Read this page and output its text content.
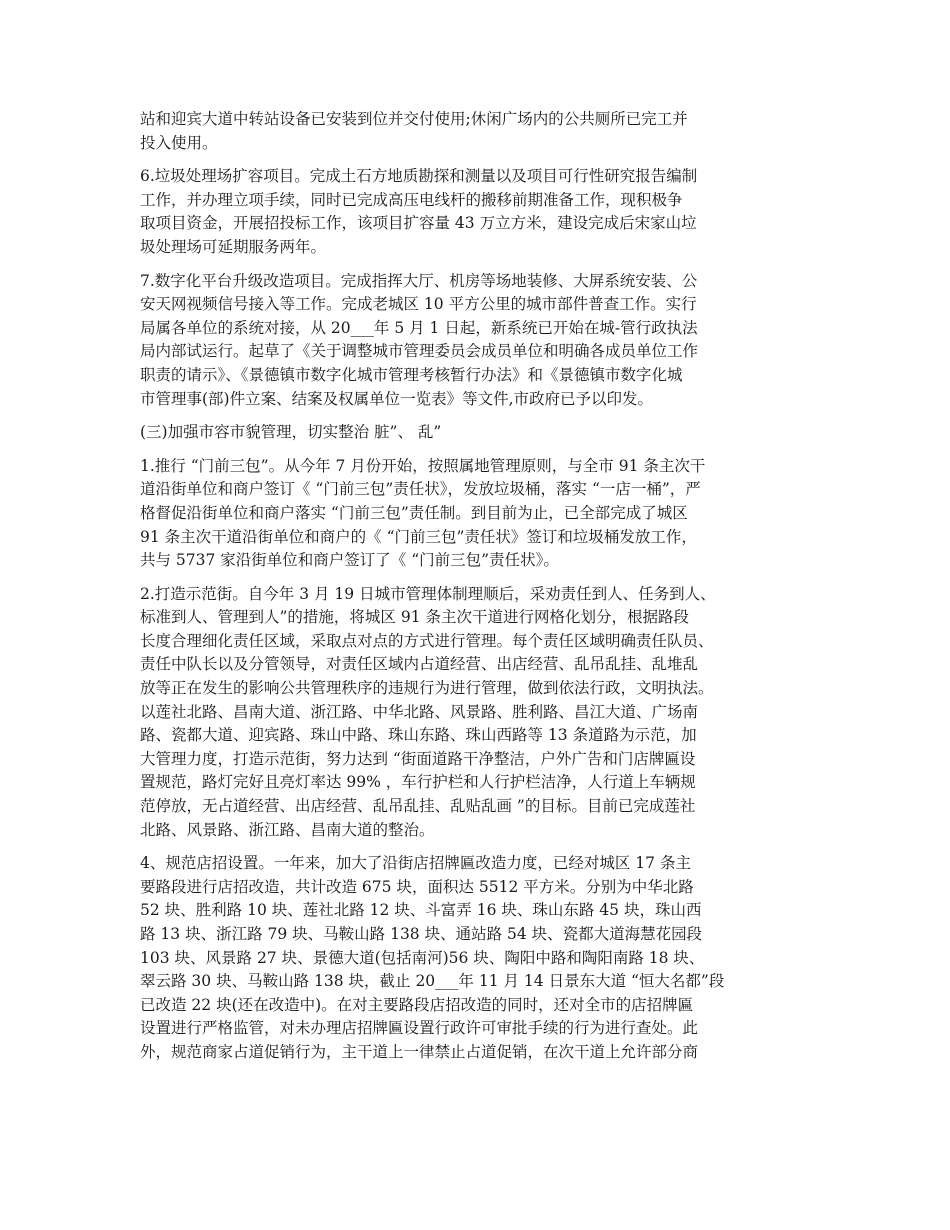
站和迎宾大道中转站设备已安装到位并交付使用;休闲广场内的公共厕所已完工并
投入使用。
6.垃圾处理场扩容项目。完成土石方地质勘探和测量以及项目可行性研究报告编制
工作，并办理立项手续，同时已完成高压电线杆的搬移前期准备工作，现积极争
取项目资金，开展招投标工作，该项目扩容量 43 万立方米，建设完成后宋家山垃
圾处理场可延期服务两年。
7.数字化平台升级改造项目。完成指挥大厅、机房等场地装修、大屏系统安装、公
安天网视频信号接入等工作。完成老城区 10 平方公里的城市部件普查工作。实行
局属各单位的系统对接，从 20___年 5 月 1 日起，新系统已开始在城-管行政执法
局内部试运行。起草了《关于调整城市管理委员会成员单位和明确各成员单位工作
职责的请示》、《景德镇市数字化城市管理考核暂行办法》和《景德镇市数字化城
市管理事(部)件立案、结案及权属单位一览表》等文件,市政府已予以印发。
(三)加强市容市貌管理，切实整治 脏”、 乱”
1.推行 “门前三包”。从今年 7 月份开始，按照属地管理原则，与全市 91 条主次干
道沿街单位和商户签订《 “门前三包”责任状》，发放垃圾桶，落实 “一店一桶”，严
格督促沿街单位和商户落实 “门前三包”责任制。到目前为止，已全部完成了城区
91 条主次干道沿街单位和商户的《 “门前三包”责任状》签订和垃圾桶发放工作，
共与 5737 家沿街单位和商户签订了《 “门前三包”责任状》。
2.打造示范街。自今年 3 月 19 日城市管理体制理顺后，采劝责任到人、任务到人、
标准到人、管理到人”的措施，将城区 91 条主次干道进行网格化划分，根据路段
长度合理细化责任区域，采取点对点的方式进行管理。每个责任区域明确责任队员、
责任中队长以及分管领导，对责任区域内占道经营、出店经营、乱吊乱挂、乱堆乱
放等正在发生的影响公共管理秩序的违规行为进行管理，做到依法行政，文明执法。
以莲社北路、昌南大道、浙江路、中华北路、风景路、胜利路、昌江大道、广场南
路、瓷都大道、迎宾路、珠山中路、珠山东路、珠山西路等 13 条道路为示范，加
大管理力度，打造示范街，努力达到 “街面道路干净整洁，户外广告和门店牌匾设
置规范，路灯完好且亮灯率达 99% ，车行护栏和人行护栏洁净，人行道上车辆规
范停放，无占道经营、出店经营、乱吊乱挂、乱贴乱画 ”的目标。目前已完成莲社
北路、风景路、浙江路、昌南大道的整治。
4、规范店招设置。一年来，加大了沿街店招牌匾改造力度，已经对城区 17 条主
要路段进行店招改造，共计改造 675 块，面积达 5512 平方米。分别为中华北路
52 块、胜利路 10 块、莲社北路 12 块、斗富弄 16 块、珠山东路 45 块，珠山西
路 13 块、浙江路 79 块、马鞍山路 138 块、通站路 54 块、瓷都大道海慧花园段
103 块、风景路 27 块、景德大道(包括南河)56 块、陶阳中路和陶阳南路 18 块、
翠云路 30 块、马鞍山路 138 块，截止 20___年 11 月 14 日景东大道 “恒大名都”段
已改造 22 块(还在改造中)。在对主要路段店招改造的同时，还对全市的店招牌匾
设置进行严格监管，对未办理店招牌匾设置行政许可审批手续的行为进行查处。此
外，规范商家占道促销行为，主干道上一律禁止占道促销，在次干道上允许部分商
